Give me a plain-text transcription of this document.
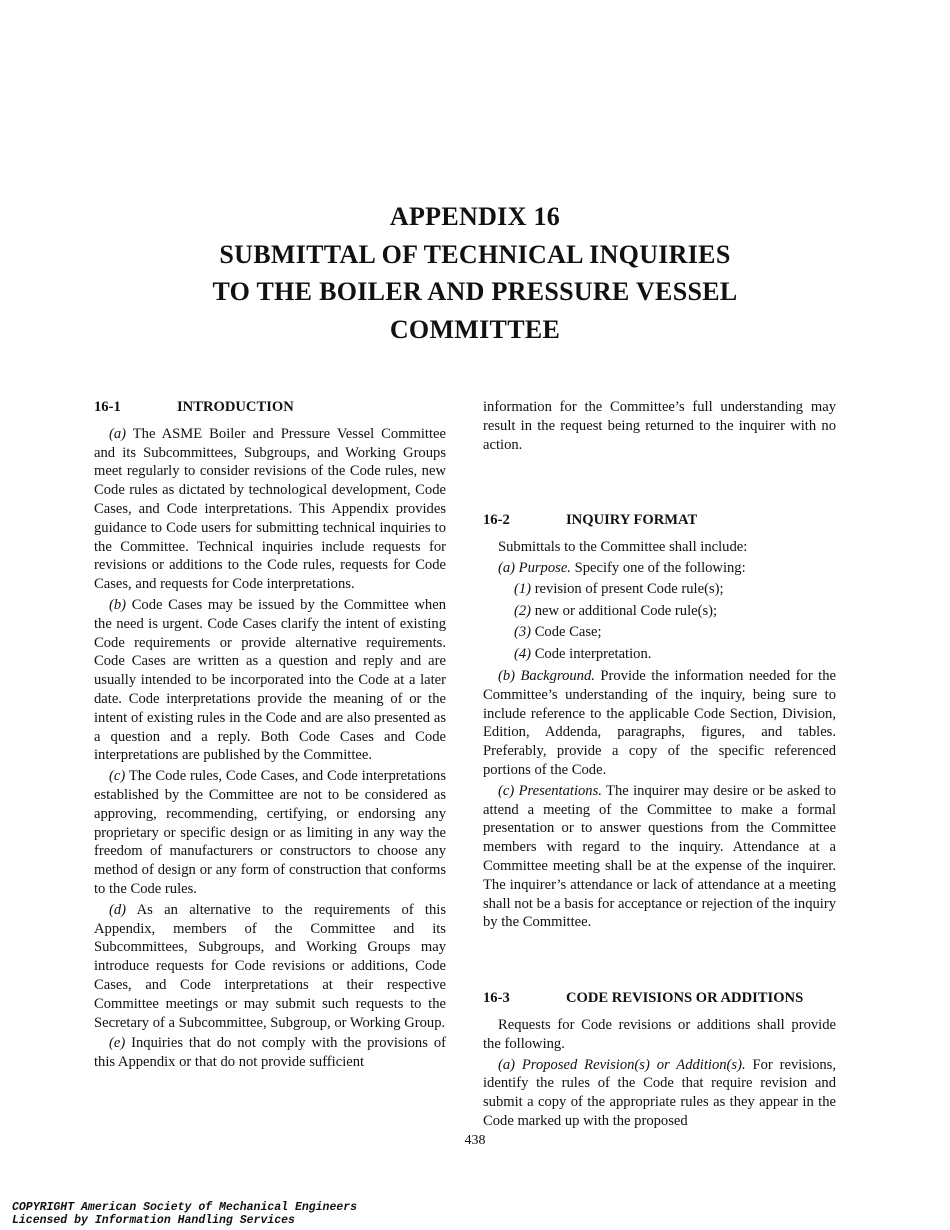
APPENDIX 16
SUBMITTAL OF TECHNICAL INQUIRIES
TO THE BOILER AND PRESSURE VESSEL
COMMITTEE
16-1	INTRODUCTION

(a) The ASME Boiler and Pressure Vessel Committee and its Subcommittees, Subgroups, and Working Groups meet regularly to consider revisions of the Code rules, new Code rules as dictated by technological development, Code Cases, and Code interpretations. This Appendix provides guidance to Code users for submitting technical inquiries to the Committee. Technical inquiries include requests for revisions or additions to the Code rules, requests for Code Cases, and requests for Code interpretations.

(b) Code Cases may be issued by the Committee when the need is urgent. Code Cases clarify the intent of existing Code requirements or provide alternative requirements. Code Cases are written as a question and reply and are usually intended to be incorporated into the Code at a later date. Code interpretations provide the meaning of or the intent of existing rules in the Code and are also presented as a question and a reply. Both Code Cases and Code interpretations are published by the Committee.

(c) The Code rules, Code Cases, and Code interpretations established by the Committee are not to be considered as approving, recommending, certifying, or endorsing any proprietary or specific design or as limiting in any way the freedom of manufacturers or constructors to choose any method of design or any form of construction that conforms to the Code rules.

(d) As an alternative to the requirements of this Appendix, members of the Committee and its Subcommittees, Subgroups, and Working Groups may introduce requests for Code revisions or additions, Code Cases, and Code interpretations at their respective Committee meetings or may submit such requests to the Secretary of a Subcommittee, Subgroup, or Working Group.

(e) Inquiries that do not comply with the provisions of this Appendix or that do not provide sufficient

information for the Committee’s full understanding may result in the request being returned to the inquirer with no action.

16-2	INQUIRY FORMAT

Submittals to the Committee shall include:

(a) Purpose. Specify one of the following:

(1) revision of present Code rule(s);
(2) new or additional Code rule(s);
(3) Code Case;
(4) Code interpretation.

(b) Background. Provide the information needed for the Committee’s understanding of the inquiry, being sure to include reference to the applicable Code Section, Division, Edition, Addenda, paragraphs, figures, and tables. Preferably, provide a copy of the specific referenced portions of the Code.

(c) Presentations. The inquirer may desire or be asked to attend a meeting of the Committee to make a formal presentation or to answer questions from the Committee members with regard to the inquiry. Attendance at a Committee meeting shall be at the expense of the inquirer. The inquirer’s attendance or lack of attendance at a meeting shall not be a basis for acceptance or rejection of the inquiry by the Committee.

16-3	CODE REVISIONS OR ADDITIONS

Requests for Code revisions or additions shall provide the following.

(a) Proposed Revision(s) or Addition(s). For revisions, identify the rules of the Code that require revision and submit a copy of the appropriate rules as they appear in the Code marked up with the proposed

438
COPYRIGHT American Society of Mechanical Engineers
Licensed by Information Handling Services
